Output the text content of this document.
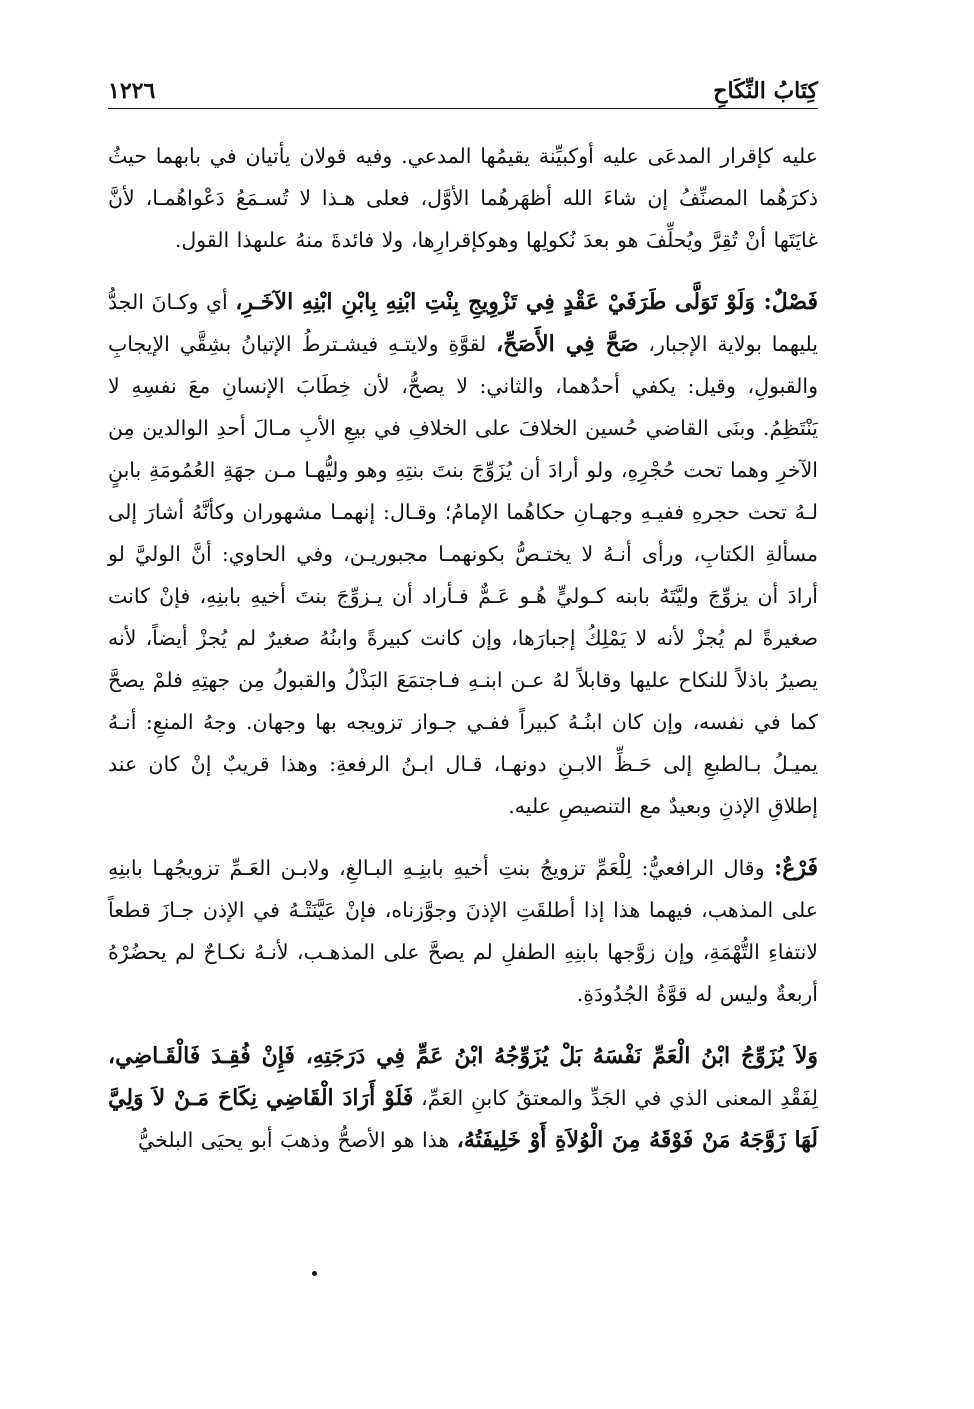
كِتَابُ النِّكَاحِ
١٢٢٦

عليه كإقرار المدعَى عليه أوكبيِّنة يقيمُها المدعي. وفيه قولان يأتيان في بابهما حيثُ ذكرَهُما المصنِّفُ إن شاءَ الله أظهَرهُما الأوَّل، فعلى هـذا لا تُسـمَعُ دَعْواهُمـا، لأنَّ غايَتَها أنْ تُقِرَّ ويُحلِّفَ هو بعدَ نُكولِها وهوكإقرارِها، ولا فائدةَ منهُ علىهذا القول.

فَصْلٌ: وَلَوْ تَوَلَّى طَرَفَيْ عَقْدٍ فِي تَزْوِيجِ بِنْتِ ابْنِهِ بِابْنِ ابْنِهِ الآخَـرِ، أي وكـانَ الجدُّ يليهما بولاية الإجبار، صَحَّ فِي الأَصَحِّ، لقوَّةِ ولايتـهِ فيشـترطُ الإتيانُ بشِقَّي الإيجابِ والقبولِ، وقيل: يكفي أحدُهما، والثاني: لا يصحُّ، لأن خِطَابَ الإنسانِ معَ نفسِهِ لا يَنْتَظِمُ. وبنَى القاضي حُسين الخلافَ على الخلافِ في بيعِ الأبِ مـالَ أحدِ الوالدين مِن الآخرِ وهما تحت حُجْرِهِ، ولو أرادَ أن يُزَوِّجَ بنتَ بنتِهِ وهو وليُّهـا مـن جهَةِ العُمُومَةِ بابنٍ لـهُ تحت حجرهِ ففيـهِ وجهـانِ حكاهُما الإمامُ؛ وقـال: إنهمـا مشهوران وكأنَّهُ أشارَ إلى مسألةِ الكتابِ، ورأى أنـهُ لا يختـصُّ بكونهمـا مجبوريـن، وفي الحاوي: أنَّ الوليَّ لو أرادَ أن يزوِّجَ وليَّتَهُ بابنه كـوليٍّ هُـو عَـمٌّ فـأراد أن يـزوِّجَ بنتَ أخيهِ بابنِهِ، فإنْ كانت صغيرةً لم يُجزْ لأنه لا يَمْلِكُ إجبارَها، وإن كانت كبيرةً وابنُهُ صغيرٌ لم يُجزْ أيضاً، لأنه يصيرُ باذلاً للنكاح عليها وقابلاً لهُ عـن ابنـهِ فـاجتمَعَ البَذْلُ والقبولُ مِن جهتِهِ فلمْ يصحَّ كما في نفسه، وإن كان ابنُـهُ كبيراً ففـي جـواز تزويجه بها وجهان. وجهُ المنعِ: أنـهُ يميـلُ بـالطبعِ إلى حَـظِّ الابـنِ دونهـا، قـال ابـنُ الرفعةِ: وهذا قريبٌ إنْ كان عند إطلاقِ الإذنِ وبعيدٌ مع التنصيصِ عليه.

فَرْعٌ: وقال الرافعيُّ: لِلْعَمِّ تزويجُ بنتِ أخيهِ بابنِـهِ البـالغِ، ولابـن العَـمِّ تزويجُهـا بابنِهِ على المذهب، فيهما هذا إذا أطلقَتِ الإذنَ وجوَّزناه، فإنْ عَيَّنَتْـهُ في الإذن جـازَ قطعاً لانتفاءِ التُّهْمَةِ، وإن زوَّجها بابنِهِ الطفلِ لم يصحَّ على المذهـب، لأنـهُ نكـاحٌ لم يحضُرْهُ أربعةٌ وليس له قوَّةُ الجُدُودَةِ.

وَلاَ يُزَوِّجُ ابْنُ الْعَمِّ نَفْسَهُ بَلْ يُزَوِّجُهُ ابْنُ عَمٍّ فِي دَرَجَتِهِ، فَإِنْ فُقِـدَ فَالْقَـاضِي، لِفَقْدِ المعنى الذي في الجَدِّ والمعتقُ كابنِ العَمِّ، فَلَوْ أَرَادَ الْقَاضِي نِكَاحَ مَـنْ لاَ وَلِيَّ لَهَا زَوَّجَهُ مَنْ فَوْقَهُ مِنَ الْوُلاَةِ أَوْ خَلِيفَتُهُ، هذا هو الأصحُّ وذهبَ أبو يحيَى البلخيُّ
